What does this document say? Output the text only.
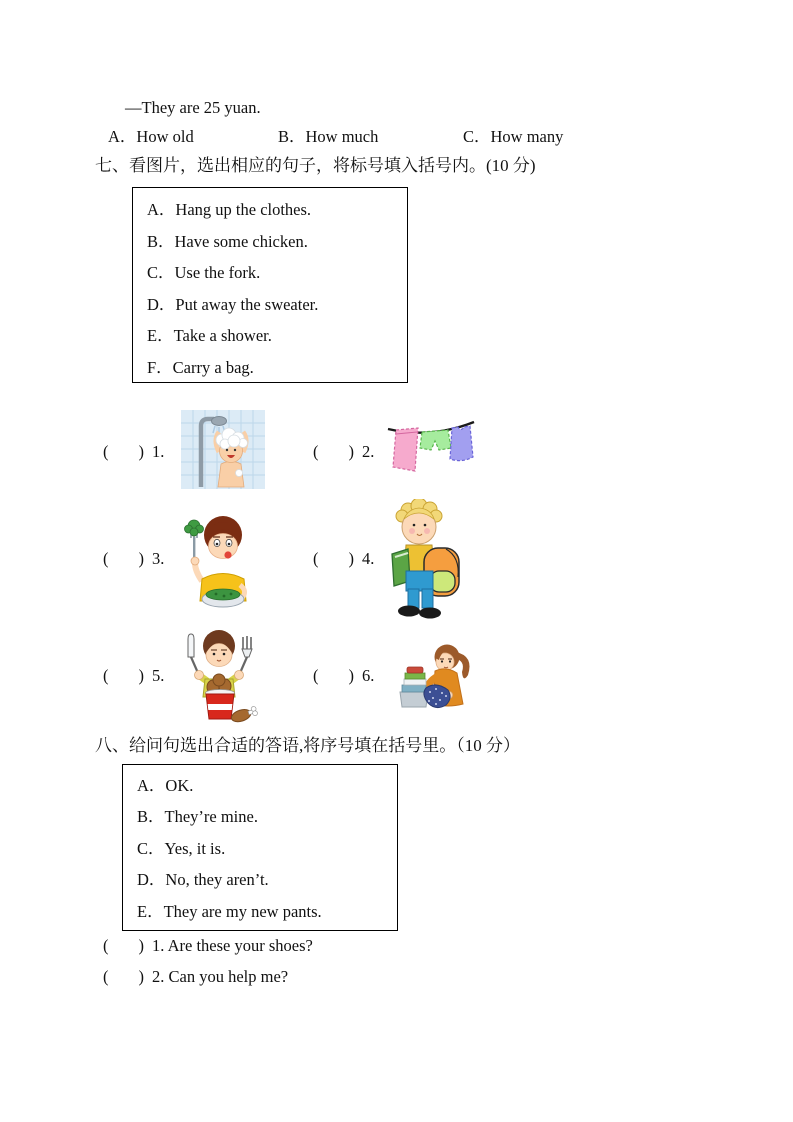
—They are 25 yuan.
A．How old	B．How much	C．How many
七、看图片，选出相应的句子，将标号填入括号内。(10 分)
A．Hang up the clothes.
B．Have some chicken.
C．Use the fork.
D．Put away the sweater.
E．Take a shower.
F．Carry a bag.
( ) 1.	( ) 2.
( ) 3.	( ) 4.
( ) 5.	( ) 6.
八、给问句选出合适的答语,将序号填在括号里。（10 分）
A．OK.
B．They’re mine.
C．Yes, it is.
D．No, they aren’t.
E．They are my new pants.
( ) 1. Are these your shoes?
( ) 2. Can you help me?
